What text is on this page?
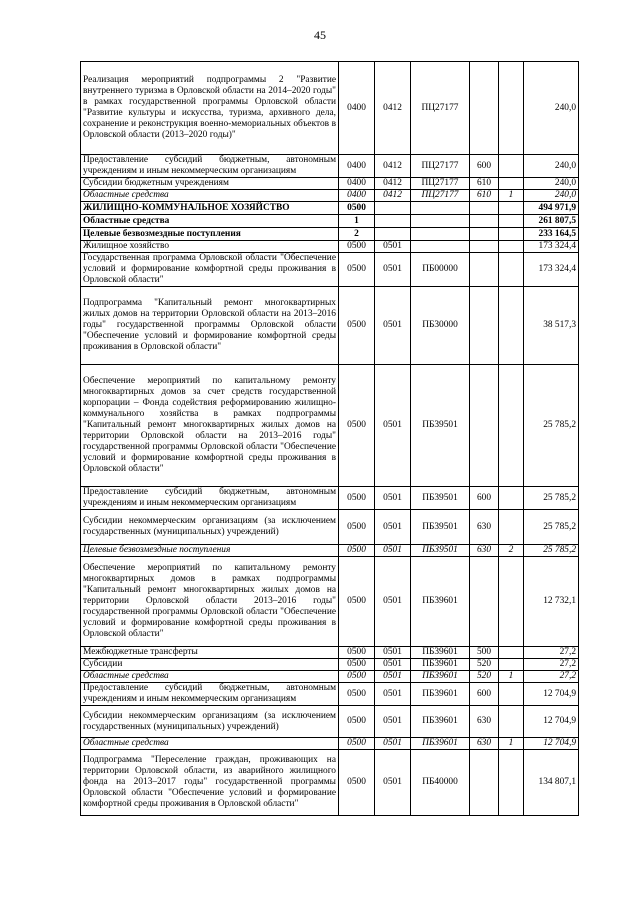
45
Реализация мероприятий подпрограммы 2 "Развитие внутреннего туризма в Орловской области на 2014–2020 годы" в рамках государственной программы Орловской области "Развитие культуры и искусства, туризма, архивного дела, сохранение и реконструкция военно-мемориальных объектов в Орловской области (2013–2020 годы)"	0400	0412	ПЦ27177			240,0
Предоставление субсидий бюджетным, автономным учреждениям и иным некоммерческим организациям	0400	0412	ПЦ27177	600		240,0
Субсидии бюджетным учреждениям	0400	0412	ПЦ27177	610		240,0
Областные средства	0400	0412	ПЦ27177	610	1	240,0
ЖИЛИЩНО-КОММУНАЛЬНОЕ ХОЗЯЙСТВО	0500					494 971,9
Областные средства	1					261 807,5
Целевые безвозмездные поступления	2					233 164,5
Жилищное хозяйство	0500	0501				173 324,4
Государственная программа Орловской области "Обеспечение условий и формирование комфортной среды проживания в Орловской области"	0500	0501	ПБ00000			173 324,4
Подпрограмма "Капитальный ремонт многоквартирных жилых домов на территории Орловской области на 2013–2016 годы" государственной программы Орловской области "Обеспечение условий и формирование комфортной среды проживания в Орловской области"	0500	0501	ПБ30000			38 517,3
Обеспечение мероприятий по капитальному ремонту многоквартирных домов за счет средств государственной корпорации – Фонда содействия реформированию жилищно-коммунального хозяйства в рамках подпрограммы "Капитальный ремонт многоквартирных жилых домов на территории Орловской области на 2013–2016 годы" государственной программы Орловской области "Обеспечение условий и формирование комфортной среды проживания в Орловской области"	0500	0501	ПБ39501			25 785,2
Предоставление субсидий бюджетным, автономным учреждениям и иным некоммерческим организациям	0500	0501	ПБ39501	600		25 785,2
Субсидии некоммерческим организациям (за исключением государственных (муниципальных) учреждений)	0500	0501	ПБ39501	630		25 785,2
Целевые безвозмездные поступления	0500	0501	ПБ39501	630	2	25 785,2
Обеспечение мероприятий по капитальному ремонту многоквартирных домов в рамках подпрограммы "Капитальный ремонт многоквартирных жилых домов на территории Орловской области 2013–2016 годы" государственной программы Орловской области "Обеспечение условий и формирование комфортной среды проживания в Орловской области"	0500	0501	ПБ39601			12 732,1
Межбюджетные трансферты	0500	0501	ПБ39601	500		27,2
Субсидии	0500	0501	ПБ39601	520		27,2
Областные средства	0500	0501	ПБ39601	520	1	27,2
Предоставление субсидий бюджетным, автономным учреждениям и иным некоммерческим организациям	0500	0501	ПБ39601	600		12 704,9
Субсидии некоммерческим организациям (за исключением государственных (муниципальных) учреждений)	0500	0501	ПБ39601	630		12 704,9
Областные средства	0500	0501	ПБ39601	630	1	12 704,9
Подпрограмма "Переселение граждан, проживающих на территории Орловской области, из аварийного жилищного фонда на 2013–2017 годы" государственной программы Орловской области "Обеспечение условий и формирование комфортной среды проживания в Орловской области"	0500	0501	ПБ40000			134 807,1
